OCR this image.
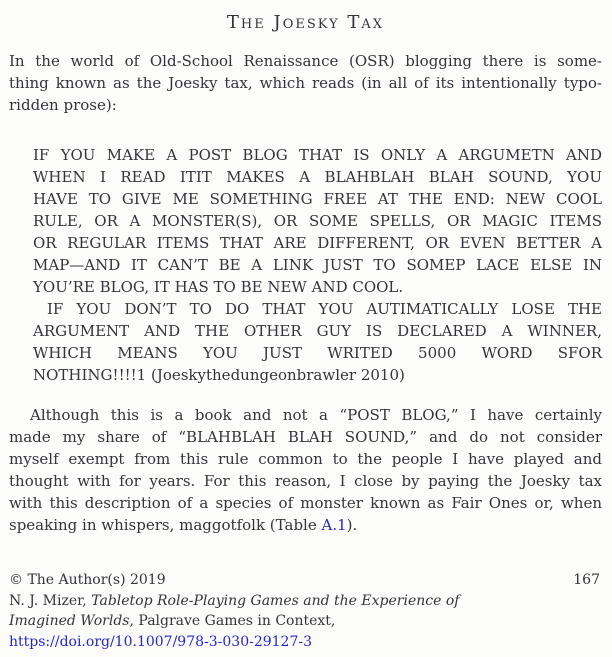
The Joesky Tax
In the world of Old-School Renaissance (OSR) blogging there is some-
thing known as the Joesky tax, which reads (in all of its intentionally typo-
ridden prose):
IF YOU MAKE A POST BLOG THAT IS ONLY A ARGUMETN AND
WHEN I READ ITIT MAKES A BLAHBLAH BLAH SOUND, YOU
HAVE TO GIVE ME SOMETHING FREE AT THE END: NEW COOL
RULE, OR A MONSTER(S), OR SOME SPELLS, OR MAGIC ITEMS
OR REGULAR ITEMS THAT ARE DIFFERENT, OR EVEN BETTER A
MAP—AND IT CAN’T BE A LINK JUST TO SOMEP LACE ELSE IN
YOU’RE BLOG, IT HAS TO BE NEW AND COOL.
IF YOU DON’T TO DO THAT YOU AUTIMATICALLY LOSE THE
ARGUMENT AND THE OTHER GUY IS DECLARED A WINNER,
WHICH MEANS YOU JUST WRITED 5000 WORD SFOR
NOTHING!!!!1 (Joeskythedungeonbrawler 2010)
Although this is a book and not a “POST BLOG,” I have certainly
made my share of “BLAHBLAH BLAH SOUND,” and do not consider
myself exempt from this rule common to the people I have played and
thought with for years. For this reason, I close by paying the Joesky tax
with this description of a species of monster known as Fair Ones or, when
speaking in whispers, maggotfolk (Table A.1).
© The Author(s) 2019	167
N. J. Mizer, Tabletop Role-Playing Games and the Experience of
Imagined Worlds, Palgrave Games in Context,
https://doi.org/10.1007/978-3-030-29127-3
